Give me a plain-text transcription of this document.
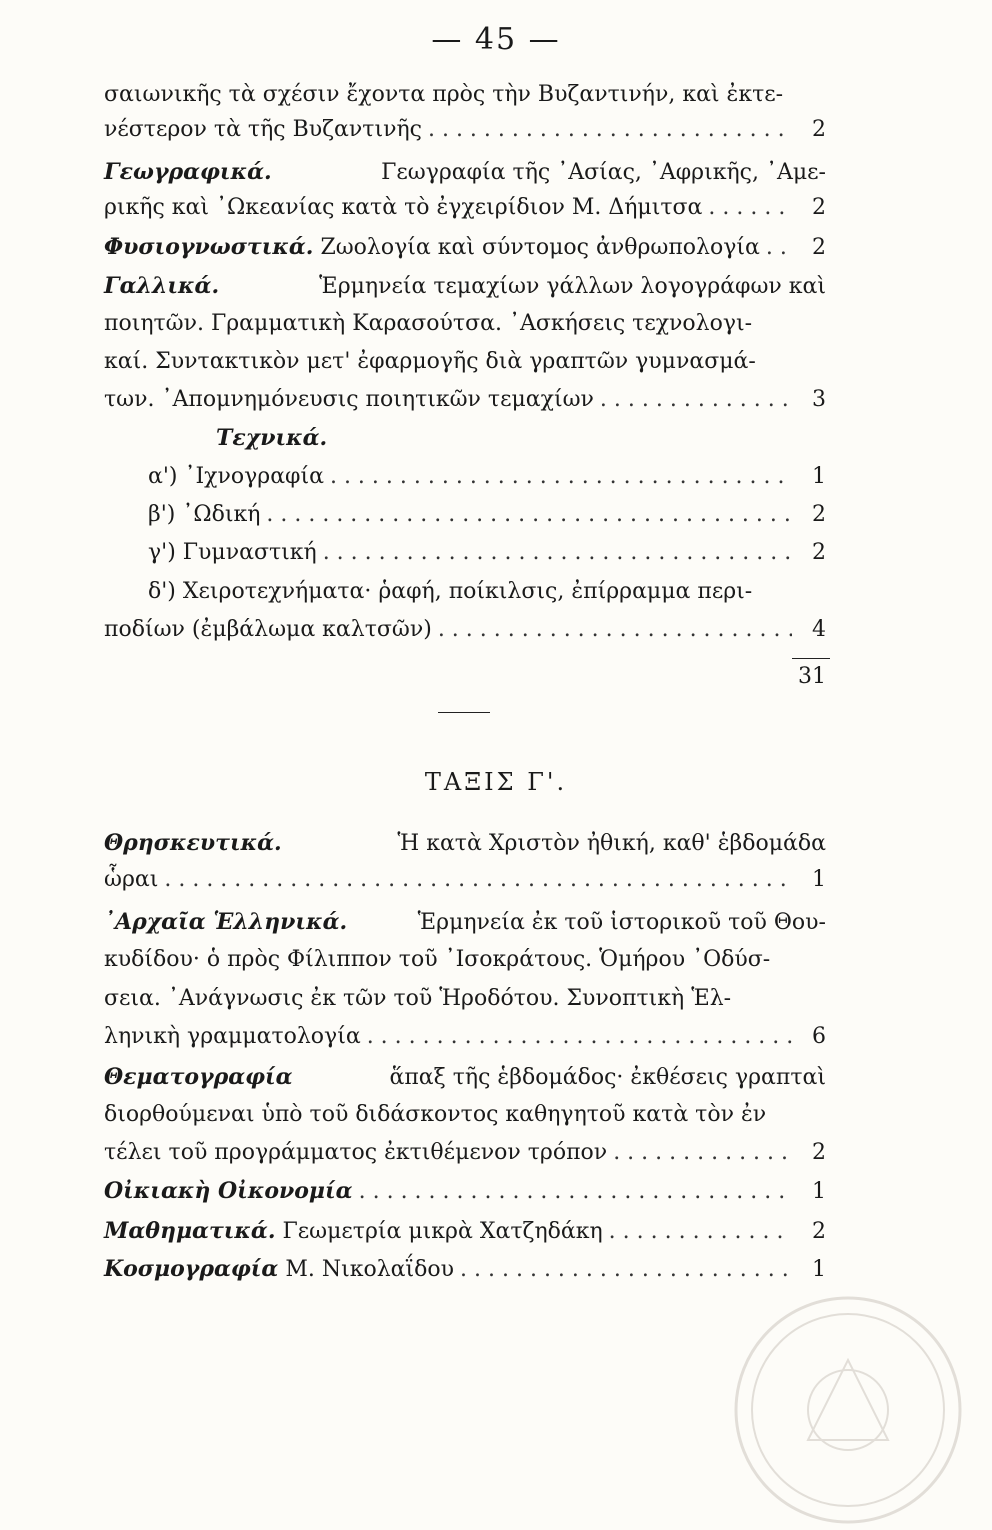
— 45 —
σαιωνικῆς τὰ σχέσιν ἔχοντα πρὸς τὴν Βυζαντινήν, καὶ ἐκτε-
νέστερον τὰ τῆς Βυζαντινῆς . . .	2
Γεωγραφικά.	Γεωγραφία τῆς ᾿Ασίας, ᾿Αφρικῆς, ᾿Αμε-
ρικῆς καὶ ᾿Ωκεανίας κατὰ τὸ ἐγχειρίδιον Μ. Δήμιτσα . . .	2
Φυσιογνωστικά. Ζωολογία καὶ σύντομος ἀνθρωπολογία . . .	2
Γαλλικά.	Ἑρμηνεία τεμαχίων γάλλων λογογράφων καὶ
ποιητῶν. Γραμματικὴ Καρασούτσα. ᾿Ασκήσεις τεχνολογι-
καί. Συντακτικὸν μετ' ἐφαρμογῆς διὰ γραπτῶν γυμνασμά-
των. ᾿Απομνημόνευσις ποιητικῶν τεμαχίων . . .	3
Τεχνικά.
α') ᾿Ιχνογραφία . . .	1
β') ᾿Ωδική . . .	2
γ') Γυμναστική . . .	2
δ') Χειροτεχνήματα· ῥαφή, ποίκιλσις, ἐπίρραμμα περι-
ποδίων (ἐμβάλωμα καλτσῶν) . . .	4
31
ΤΑΞΙΣ Γ'.
Θρησκευτικά.	Ἡ κατὰ Χριστὸν ἠθική, καθ' ἑβδομάδα
ὧραι . . .	1
᾿Αρχαῖα Ἑλληνικά.	Ἑρμηνεία ἐκ τοῦ ἱστορικοῦ τοῦ Θου-
κυδίδου· ὁ πρὸς Φίλιππον τοῦ ᾿Ισοκράτους. Ὁμήρου ᾿Οδύσ-
σεια. ᾿Ανάγνωσις ἐκ τῶν τοῦ Ἡροδότου. Συνοπτικὴ Ἑλ-
ληνικὴ γραμματολογία . . .	6
Θεματογραφία	ἅπαξ τῆς ἑβδομάδος· ἐκθέσεις γραπταὶ
διορθούμεναι ὑπὸ τοῦ διδάσκοντος καθηγητοῦ κατὰ τὸν ἐν
τέλει τοῦ προγράμματος ἐκτιθέμενον τρόπον . . .	2
Οἰκιακὴ Οἰκονομία . . .	1
Μαθηματικά. Γεωμετρία μικρὰ Χατζηδάκη . . .	2
Κοσμογραφία Μ. Νικολαΐδου . . .	1
